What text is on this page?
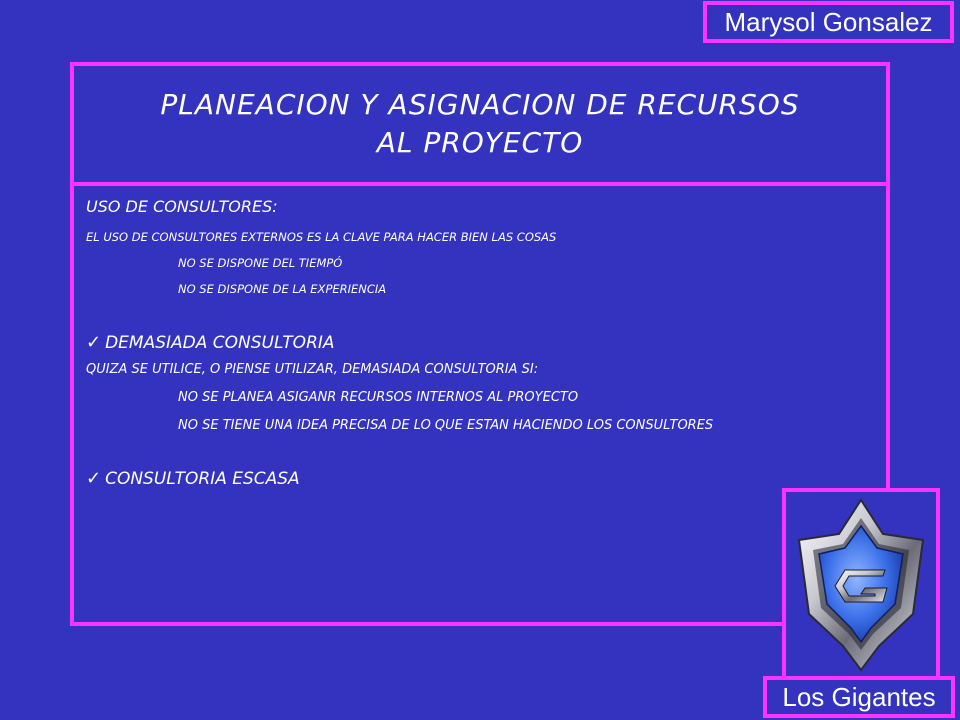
Marysol Gonsalez
PLANEACION Y ASIGNACION DE RECURSOS
AL PROYECTO

USO DE CONSULTORES:

EL USO DE CONSULTORES EXTERNOS ES LA CLAVE PARA HACER BIEN LAS COSAS

NO SE DISPONE DEL TIEMPÓ

NO SE DISPONE DE LA EXPERIENCIA

✓ DEMASIADA CONSULTORIA

QUIZA SE UTILICE, O PIENSE UTILIZAR, DEMASIADA CONSULTORIA SI:

NO SE PLANEA ASIGANR RECURSOS INTERNOS AL PROYECTO

NO SE TIENE UNA IDEA PRECISA DE LO QUE ESTAN HACIENDO LOS CONSULTORES

✓ CONSULTORIA ESCASA

Los Gigantes
